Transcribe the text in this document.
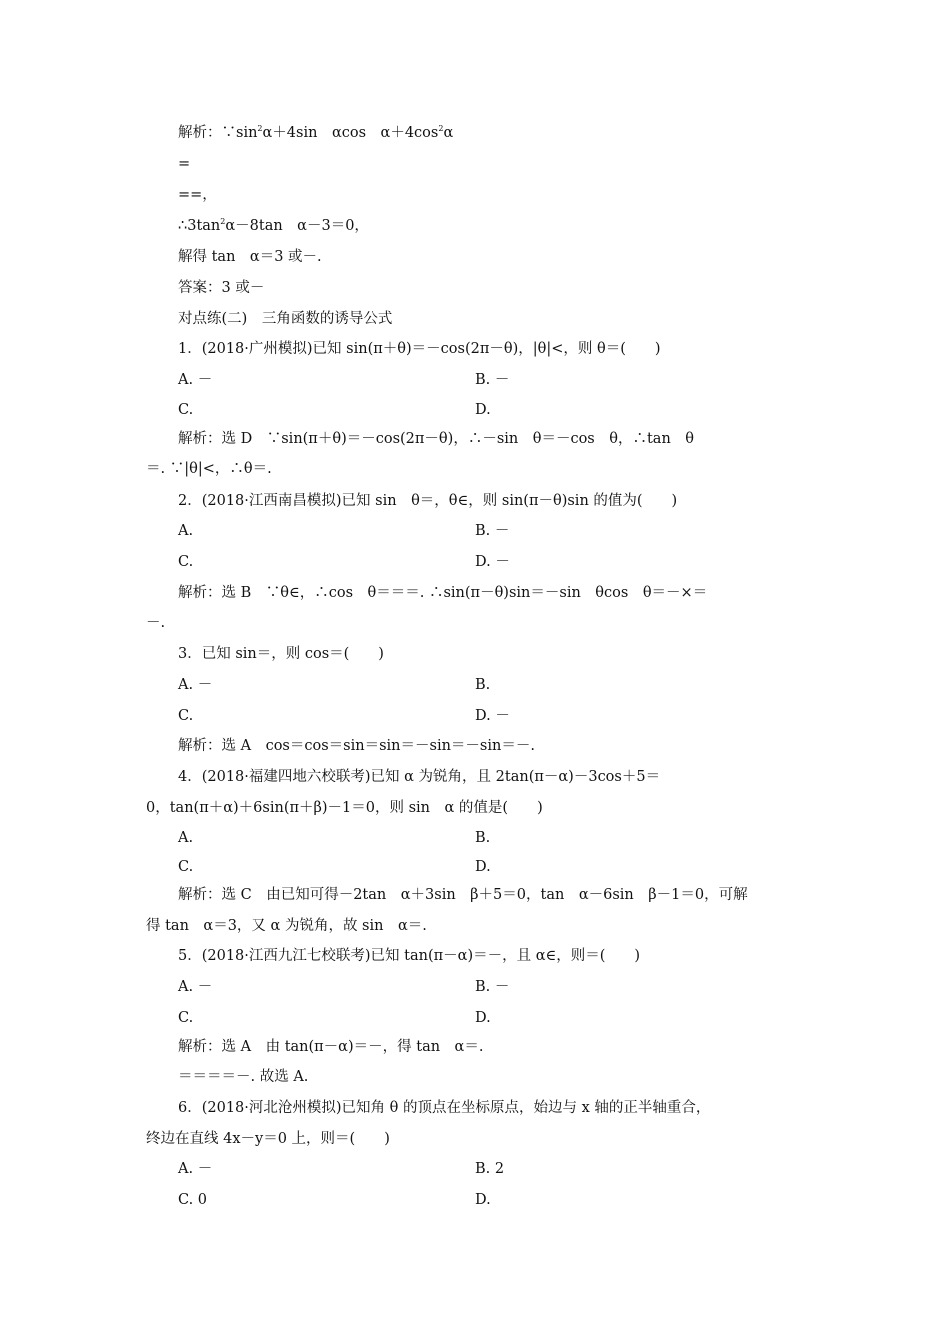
解析：$\because\sin^2\alpha+4\sin$　αcos　$\alpha+4\cos^2\alpha$
=
==，
$\therefore 3\tan^2\alpha-8\tan$　α－3＝0，
解得 tan　α＝3 或－.
答案：3 或－
对点练(二)　三角函数的诱导公式
1．(2018·广州模拟)已知 sin(π＋θ)＝－cos(2π－θ)，|θ|<，则 θ＝(　　)
A. －	B. －
C.	D.
解析：选 D　∵sin(π＋θ)＝－cos(2π－θ)，∴－sin　θ＝－cos　θ，∴tan　θ
＝. ∵|θ|<，∴θ＝.
2．(2018·江西南昌模拟)已知 sin　θ＝，θ∈，则 sin(π－θ)sin 的值为(　　)
A.	B. －
C.	D. －
解析：选 B　∵θ∈，∴cos　θ＝＝＝. ∴sin(π－θ)sin＝－sin　θcos　θ＝－×＝
－.
3．已知 sin＝，则 cos＝(　　)
A. －	B.
C.	D. －
解析：选 A　cos＝cos＝sin＝sin＝－sin＝－sin＝－.
4．(2018·福建四地六校联考)已知 α 为锐角，且 2tan(π－α)－3cos＋5＝
0，tan(π＋α)＋6sin(π＋β)－1＝0，则 sin　α 的值是(　　)
A.	B.
C.	D.
解析：选 C　由已知可得－2tan　α＋3sin　β＋5＝0，tan　α－6sin　β－1＝0，可解
得 tan　α＝3，又 α 为锐角，故 sin　α＝.
5．(2018·江西九江七校联考)已知 tan(π－α)＝－，且 α∈，则＝(　　)
A. －	B. －
C.	D.
解析：选 A　由 tan(π－α)＝－，得 tan　α＝.
＝＝＝＝－. 故选 A.
6．(2018·河北沧州模拟)已知角 θ 的顶点在坐标原点，始边与 x 轴的正半轴重合，
终边在直线 4x－y＝0 上，则＝(　　)
A. －	B. 2
C. 0	D.
